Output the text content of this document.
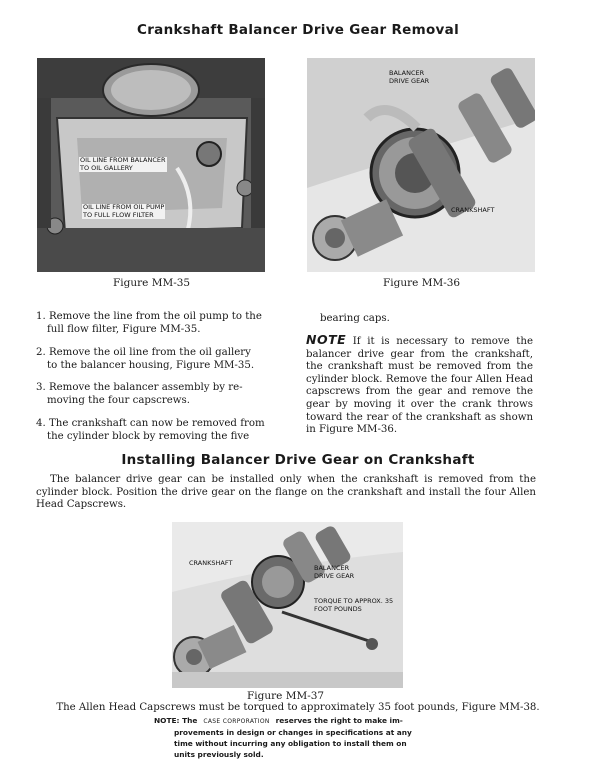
Crankshaft Balancer Drive Gear Removal
OIL LINE FROM BALANCER
TO OIL GALLERY
OIL LINE FROM OIL PUMP
TO FULL FLOW FILTER
Figure MM-35
BALANCER
DRIVE GEAR
CRANKSHAFT
Figure MM-36
1. Remove the line from the oil pump to the
full flow filter, Figure MM-35.
2. Remove the oil line from the oil gallery
to the balancer housing, Figure MM-35.
3. Remove the balancer assembly by re-
moving the four capscrews.
4. The crankshaft can now be removed from
the cylinder block by removing the five
bearing caps.
NOTE If it is necessary to remove the balancer drive gear from the crankshaft, the crankshaft must be removed from the cylinder block. Remove the four Allen Head capscrews from the gear and remove the gear by moving it over the crank throws toward the rear of the crankshaft as shown in Figure MM-36.
Installing Balancer Drive Gear on Crankshaft
The balancer drive gear can be installed only when the crankshaft is removed from the cylinder block. Position the drive gear on the flange on the crankshaft and install the four Allen Head Capscrews.
CRANKSHAFT
BALANCER
DRIVE GEAR
TORQUE TO APPROX. 35
FOOT POUNDS
Figure MM-37
The Allen Head Capscrews must be torqued to approximately 35 foot pounds, Figure MM-38.
NOTE: The CASE CORPORATION reserves the right to make im-
provements in design or changes in specifications at any
time without incurring any obligation to install them on
units previously sold.
